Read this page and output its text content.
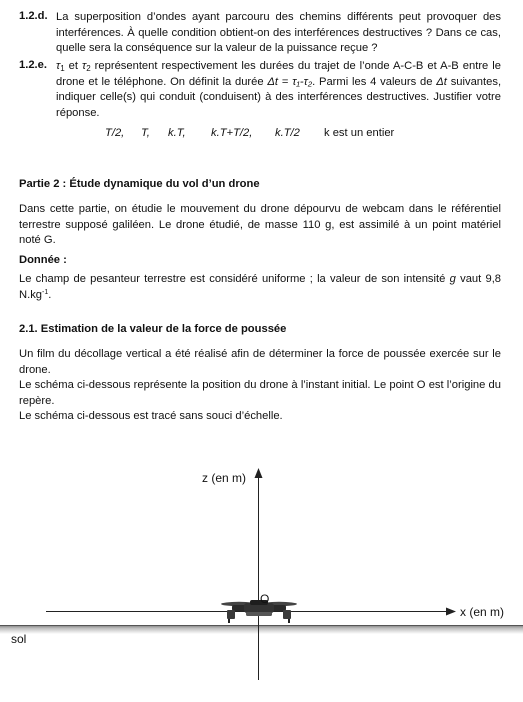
1.2.d. La superposition d’ondes ayant parcouru des chemins différents peut provoquer des interférences. À quelle condition obtient-on des interférences destructives ? Dans ce cas, quelle sera la conséquence sur la valeur de la puissance reçue ?
1.2.e. $\tau_1$ et $\tau_2$ représentent respectivement les durées du trajet de l’onde A-C-B et A-B entre le drone et le téléphone. On définit la durée Δt = τ₁-τ₂. Parmi les 4 valeurs de Δt suivantes, indiquer celle(s) qui conduit (conduisent) à des interférences destructives. Justifier votre réponse.
T/2, T, k.T, k.T+T/2, k.T/2 k est un entier
Partie 2 : Étude dynamique du vol d’un drone
Dans cette partie, on étudie le mouvement du drone dépourvu de webcam dans le référentiel terrestre supposé galiléen. Le drone étudié, de masse 110 g, est assimilé à un point matériel noté G.
Donnée :
Le champ de pesanteur terrestre est considéré uniforme ; la valeur de son intensité g vaut 9,8 $N.kg^{-1}$.
2.1. Estimation de la valeur de la force de poussée
Un film du décollage vertical a été réalisé afin de déterminer la force de poussée exercée sur le drone.
Le schéma ci-dessous représente la position du drone à l’instant initial. Le point O est l’origine du repère.
Le schéma ci-dessous est tracé sans souci d’échelle.
O
z (en m)
x (en m)
sol
